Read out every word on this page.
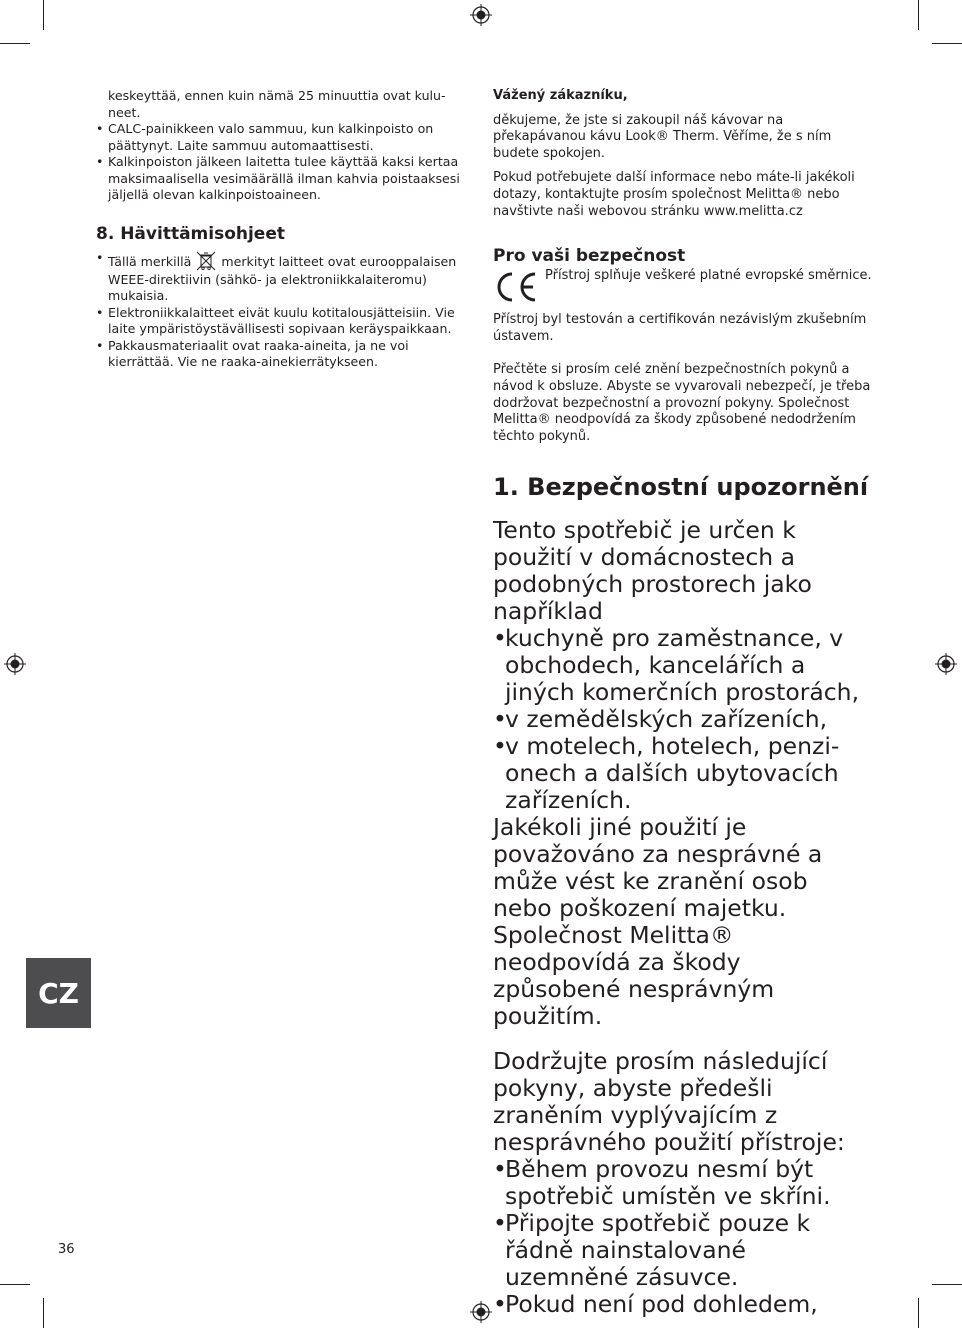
keskeyttää, ennen kuin nämä 25 minuuttia ovat kulu-neet.

• CALC-painikkeen valo sammuu, kun kalkinpoisto on päättynyt. Laite sammuu automaattisesti.
• Kalkinpoiston jälkeen laitetta tulee käyttää kaksi kertaa maksimaalisella vesimäärällä ilman kahvia poistaaksesi jäljellä olevan kalkinpoistoaineen.
8. Hävittämisohjeet
• Tällä merkillä merkityt laitteet ovat eurooppalaisen WEEE-direktiivin (sähkö- ja elektroniikkalaiteromu) mukaisia.
• Elektroniikkalaitteet eivät kuulu kotitalousjätteisiin. Vie laite ympäristöystävällisesti sopivaan keräyspaikkaan.
• Pakkausmateriaalit ovat raaka-aineita, ja ne voi kierrättää. Vie ne raaka-ainekierrätykseen.

Vážený zákazníku,

děkujeme, že jste si zakoupil náš kávovar na překapávanou kávu Look® Therm. Věříme, že s ním budete spokojen.

Pokud potřebujete další informace nebo máte-li jakékoli dotazy, kontaktujte prosím společnost Melitta® nebo navštivte naši webovou stránku www.melitta.cz

Pro vaši bezpečnost

Přístroj splňuje veškeré platné evropské směrnice.

Přístroj byl testován a certifikován nezávislým zkušebním ústavem.

Přečtěte si prosím celé znění bezpečnostních pokynů a návod k obsluze. Abyste se vyvarovali nebezpečí, je třeba dodržovat bezpečnostní a provozní pokyny. Společnost Melitta® neodpovídá za škody způsobené nedodržením těchto pokynů.

1. Bezpečnostní upozornění

Tento spotřebič je určen k použití v domácnostech a podobných prostorech jako například

• kuchyně pro zaměstnance, v obchodech, kancelářích a jiných komerčních prostorách,
• v zemědělských zařízeních,
• v motelech, hotelech, penzi-onech a dalších ubytovacích zařízeních.

Jakékoli jiné použití je považováno za nesprávné a může vést ke zranění osob nebo poškození majetku. Společnost Melitta® neodpovídá za škody způsobené nesprávným použitím.

Dodržujte prosím následující pokyny, abyste předešli zraněním vyplývajícím z nesprávného použití přístroje:

• Během provozu nesmí být spotřebič umístěn ve skříni.
• Připojte spotřebič pouze k řádně nainstalované uzemněné zásuvce.
• Pokud není pod dohledem,
CZ
36
